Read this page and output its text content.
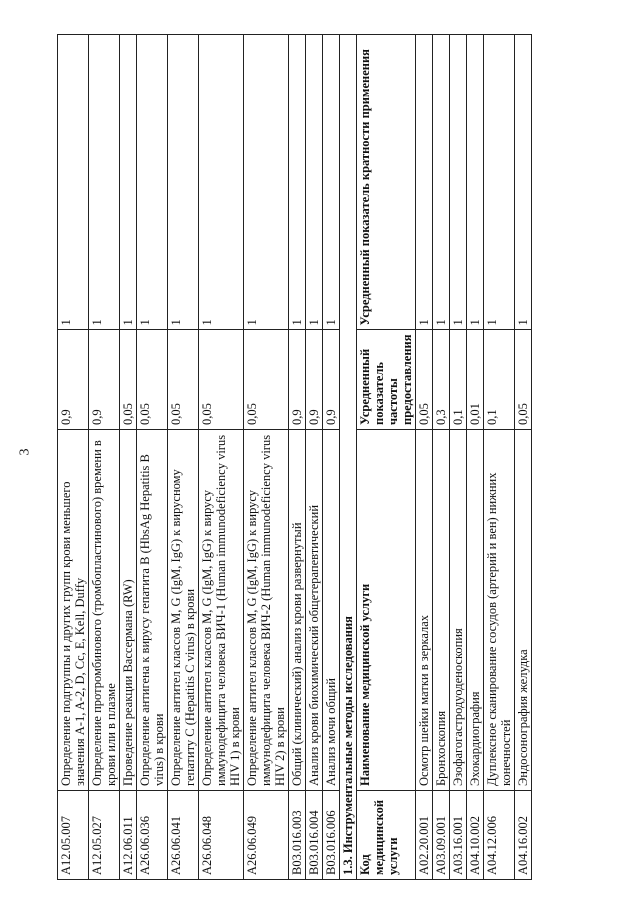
3
A12.05.007	Определение подгруппы и других групп крови меньшего значения A-1, A-2, D, Cc, E, Kell, Duffy	0,9	1
A12.05.027	Определение протромбинового (тромбопластинового) времени в крови или в плазме	0,9	1
A12.06.011	Проведение реакции Вассермана (RW)	0,05	1
A26.06.036	Определение антигена к вирусу гепатита B (HbsAg Hepatitis B virus) в крови	0,05	1
A26.06.041	Определение антител классов M, G (IgM, IgG) к вирусному гепатиту C (Hepatitis C virus) в крови	0,05	1
A26.06.048	Определение антител классов M, G (IgM, IgG) к вирусу иммунодефицита человека ВИЧ-1 (Human immunodeficiency virus HIV 1) в крови	0,05	1
A26.06.049	Определение антител классов M, G (IgM, IgG) к вирусу иммунодефицита человека ВИЧ-2 (Human immunodeficiency virus HIV 2) в крови	0,05	1
B03.016.003	Общий (клинический) анализ крови развернутый	0,9	1
B03.016.004	Анализ крови биохимический общетерапевтический	0,9	1
B03.016.006	Анализ мочи общий	0,9	1
1.3. Инструментальные методы исследования			
Код медицинской услуги	Наименование медицинской услуги	Усредненный показатель частоты предоставления	Усредненный показатель кратности применения
A02.20.001	Осмотр шейки матки в зеркалах	0,05	1
A03.09.001	Бронхоскопия	0,3	1
A03.16.001	Эзофагогастродуоденоскопия	0,1	1
A04.10.002	Эхокардиография	0,01	1
A04.12.006	Дуплексное сканирование сосудов (артерий и вен) нижних конечностей	0,1	1
A04.16.002	Эндосонография желудка	0,05	1
